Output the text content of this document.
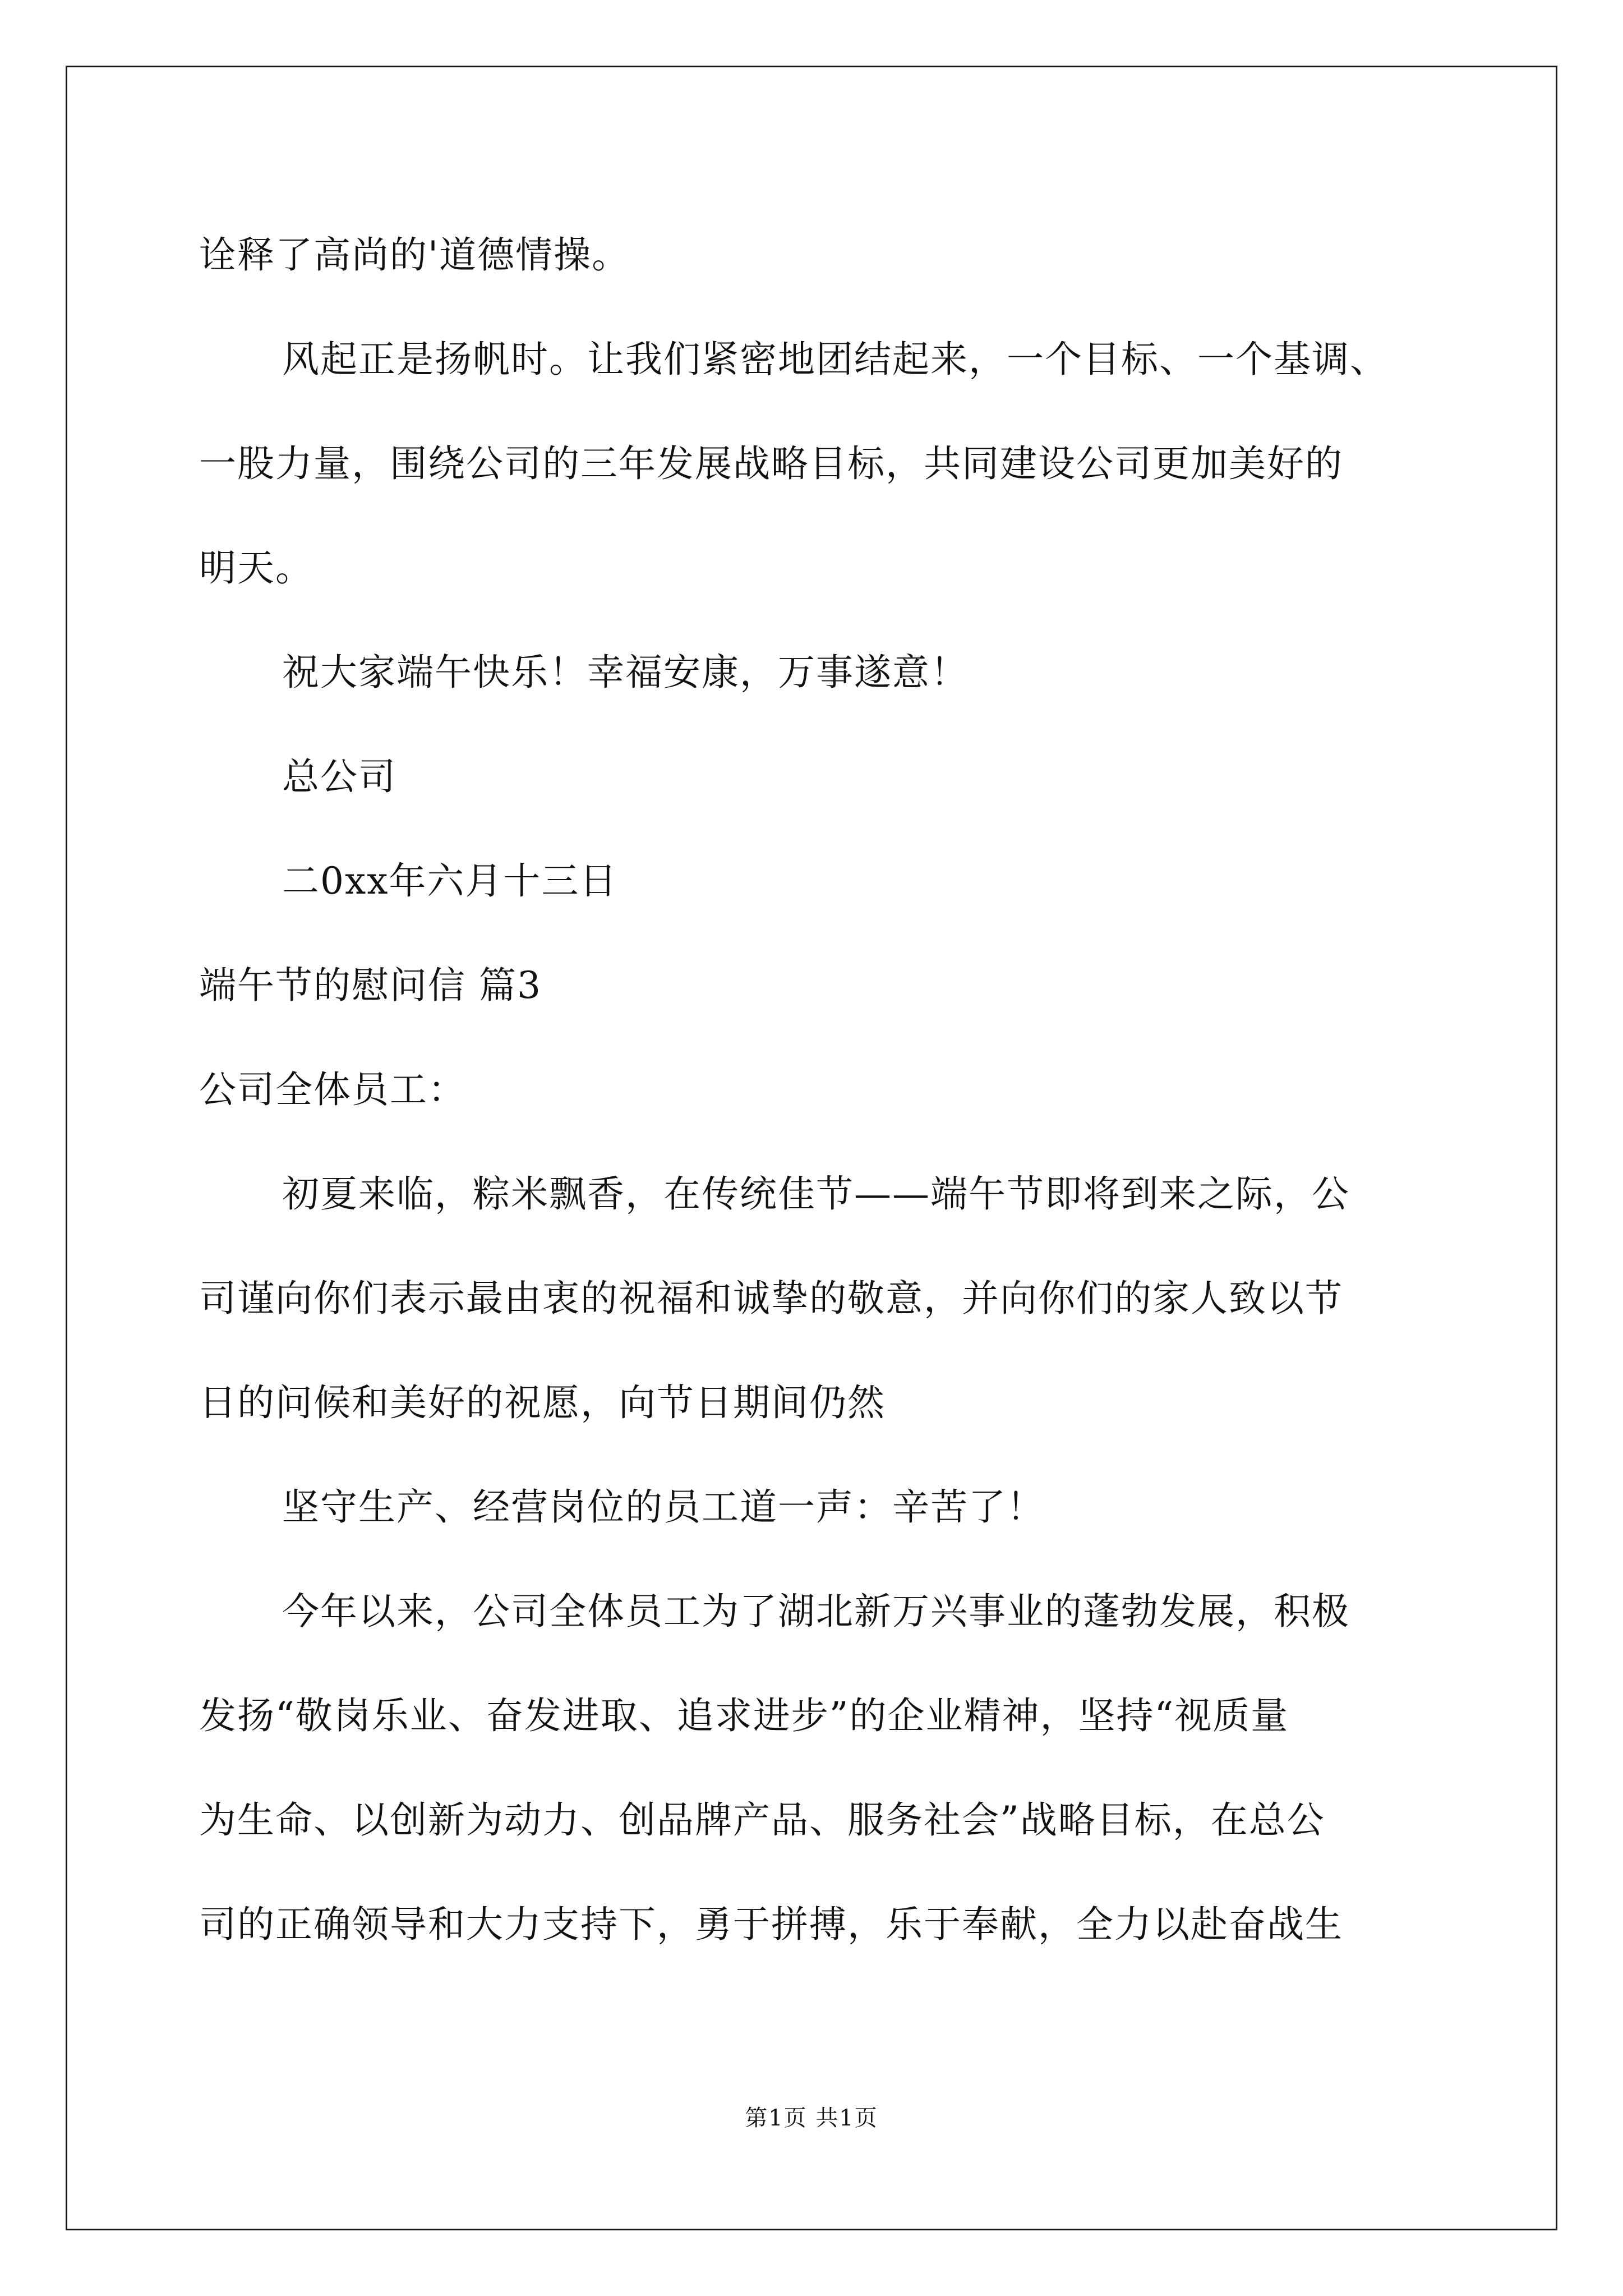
诠释了高尚的'道德情操。
风起正是扬帆时。让我们紧密地团结起来，一个目标、一个基调、
一股力量，围绕公司的三年发展战略目标，共同建设公司更加美好的
明天。
祝大家端午快乐！幸福安康，万事遂意！
总公司
二0xx年六月十三日
端午节的慰问信 篇3
公司全体员工：
初夏来临，粽米飘香，在传统佳节——端午节即将到来之际，公
司谨向你们表示最由衷的祝福和诚挚的敬意，并向你们的家人致以节
日的问候和美好的祝愿，向节日期间仍然
坚守生产、经营岗位的员工道一声：辛苦了！
今年以来，公司全体员工为了湖北新万兴事业的蓬勃发展，积极
发扬“敬岗乐业、奋发进取、追求进步”的企业精神，坚持“视质量
为生命、以创新为动力、创品牌产品、服务社会”战略目标，在总公
司的正确领导和大力支持下，勇于拼搏，乐于奉献，全力以赴奋战生
第1页 共1页
